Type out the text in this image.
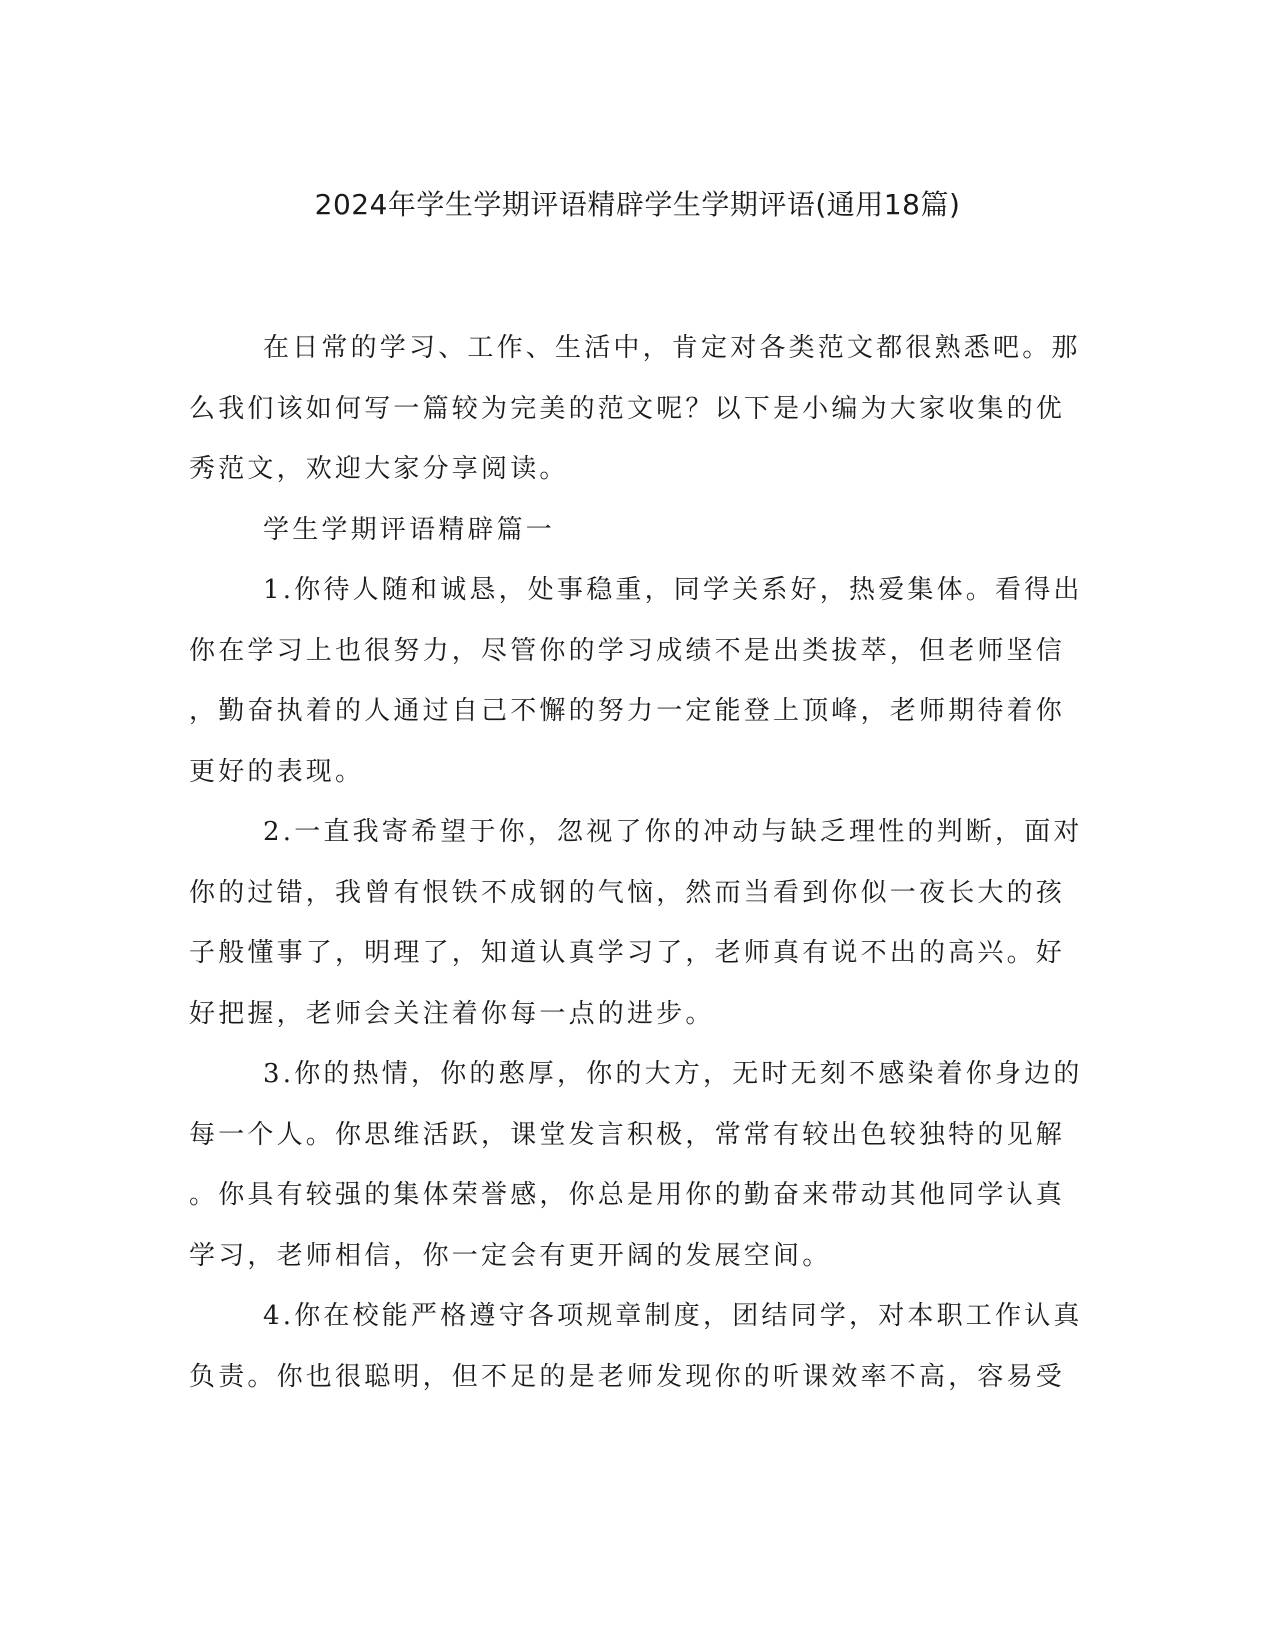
2024年学生学期评语精辟学生学期评语(通用18篇)
在日常的学习、工作、生活中，肯定对各类范文都很熟悉吧。那
么我们该如何写一篇较为完美的范文呢？以下是小编为大家收集的优
秀范文，欢迎大家分享阅读。
学生学期评语精辟篇一
1.你待人随和诚恳，处事稳重，同学关系好，热爱集体。看得出
你在学习上也很努力，尽管你的学习成绩不是出类拔萃，但老师坚信
，勤奋执着的人通过自己不懈的努力一定能登上顶峰，老师期待着你
更好的表现。
2.一直我寄希望于你，忽视了你的冲动与缺乏理性的判断，面对
你的过错，我曾有恨铁不成钢的气恼，然而当看到你似一夜长大的孩
子般懂事了，明理了，知道认真学习了，老师真有说不出的高兴。好
好把握，老师会关注着你每一点的进步。
3.你的热情，你的憨厚，你的大方，无时无刻不感染着你身边的
每一个人。你思维活跃，课堂发言积极，常常有较出色较独特的见解
。你具有较强的集体荣誉感，你总是用你的勤奋来带动其他同学认真
学习，老师相信，你一定会有更开阔的发展空间。
4.你在校能严格遵守各项规章制度，团结同学，对本职工作认真
负责。你也很聪明，但不足的是老师发现你的听课效率不高，容易受
